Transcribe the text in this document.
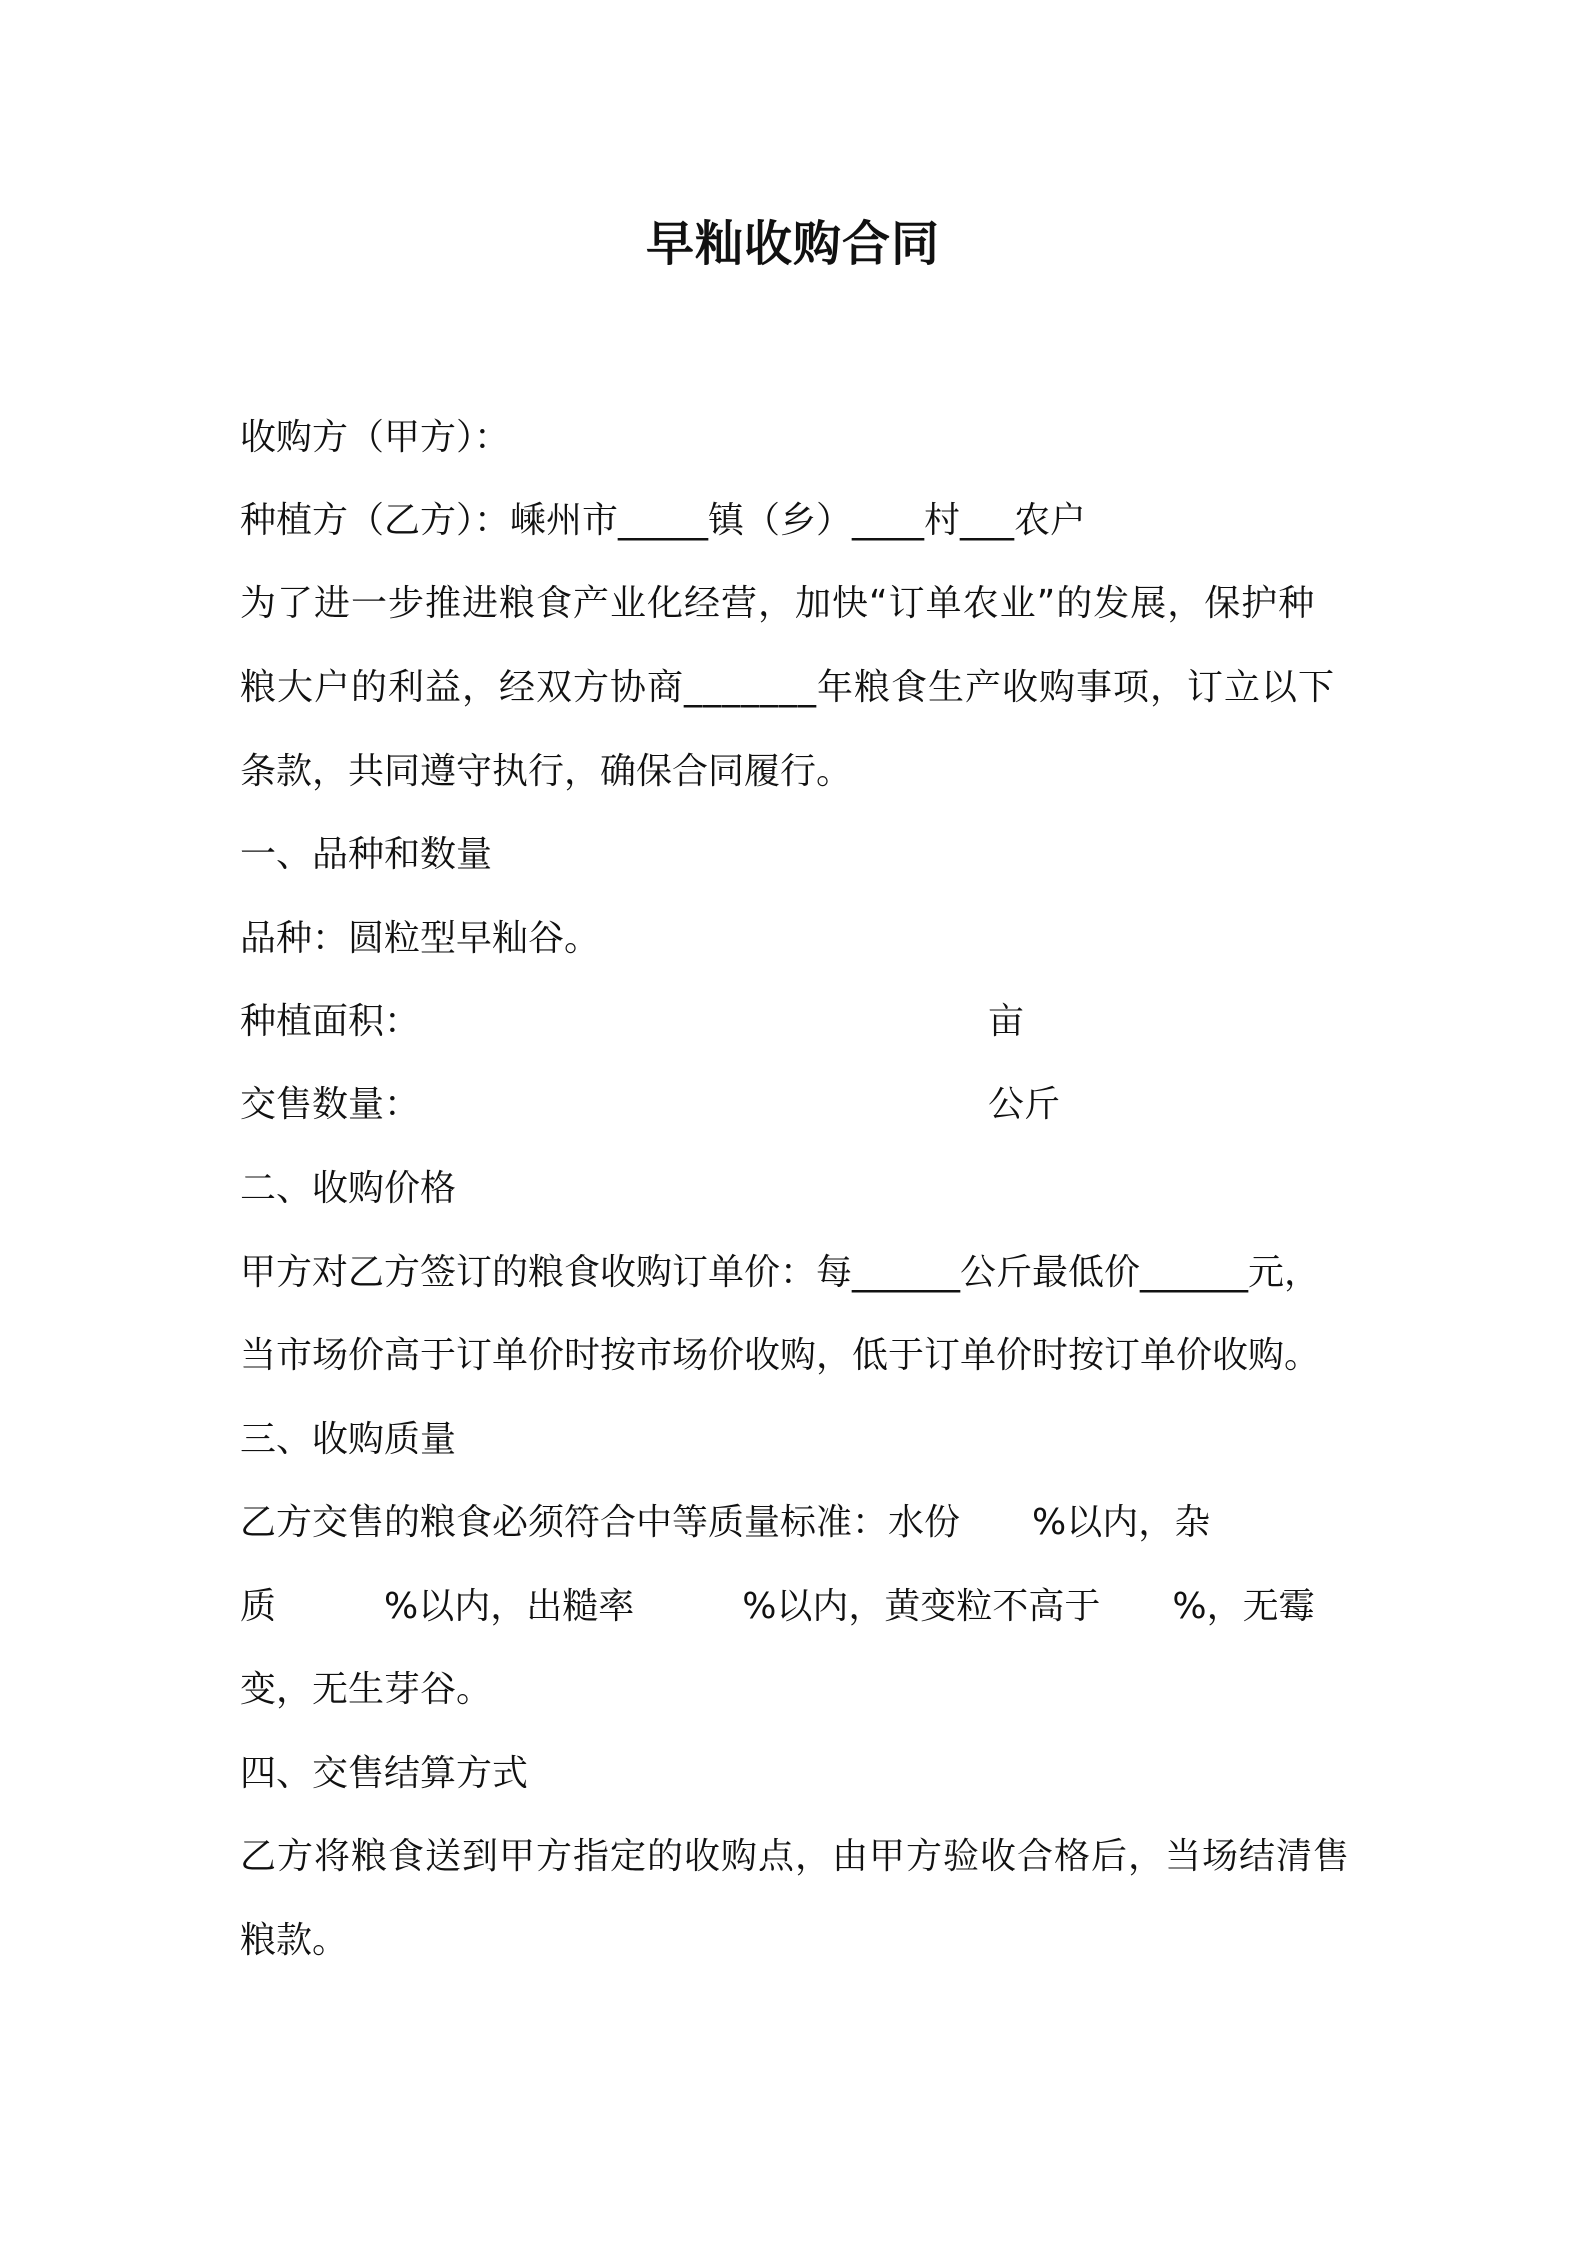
早籼收购合同
收购方（甲方）：
种植方（乙方）：嵊州市_____镇（乡）____村___农户
为了进一步推进粮食产业化经营，加快“订单农业”的发展，保护种
粮大户的利益，经双方协商_______年粮食生产收购事项，订立以下
条款，共同遵守执行，确保合同履行。
一、品种和数量
品种：圆粒型早籼谷。
种植面积：	亩
交售数量：	公斤
二、收购价格
甲方对乙方签订的粮食收购订单价：每______公斤最低价______元，
当市场价高于订单价时按市场价收购，低于订单价时按订单价收购。
三、收购质量
乙方交售的粮食必须符合中等质量标准：水份　　%以内，杂
质　　　%以内，出糙率　　　%以内，黄变粒不高于　　%，无霉
变，无生芽谷。
四、交售结算方式
乙方将粮食送到甲方指定的收购点，由甲方验收合格后，当场结清售
粮款。
